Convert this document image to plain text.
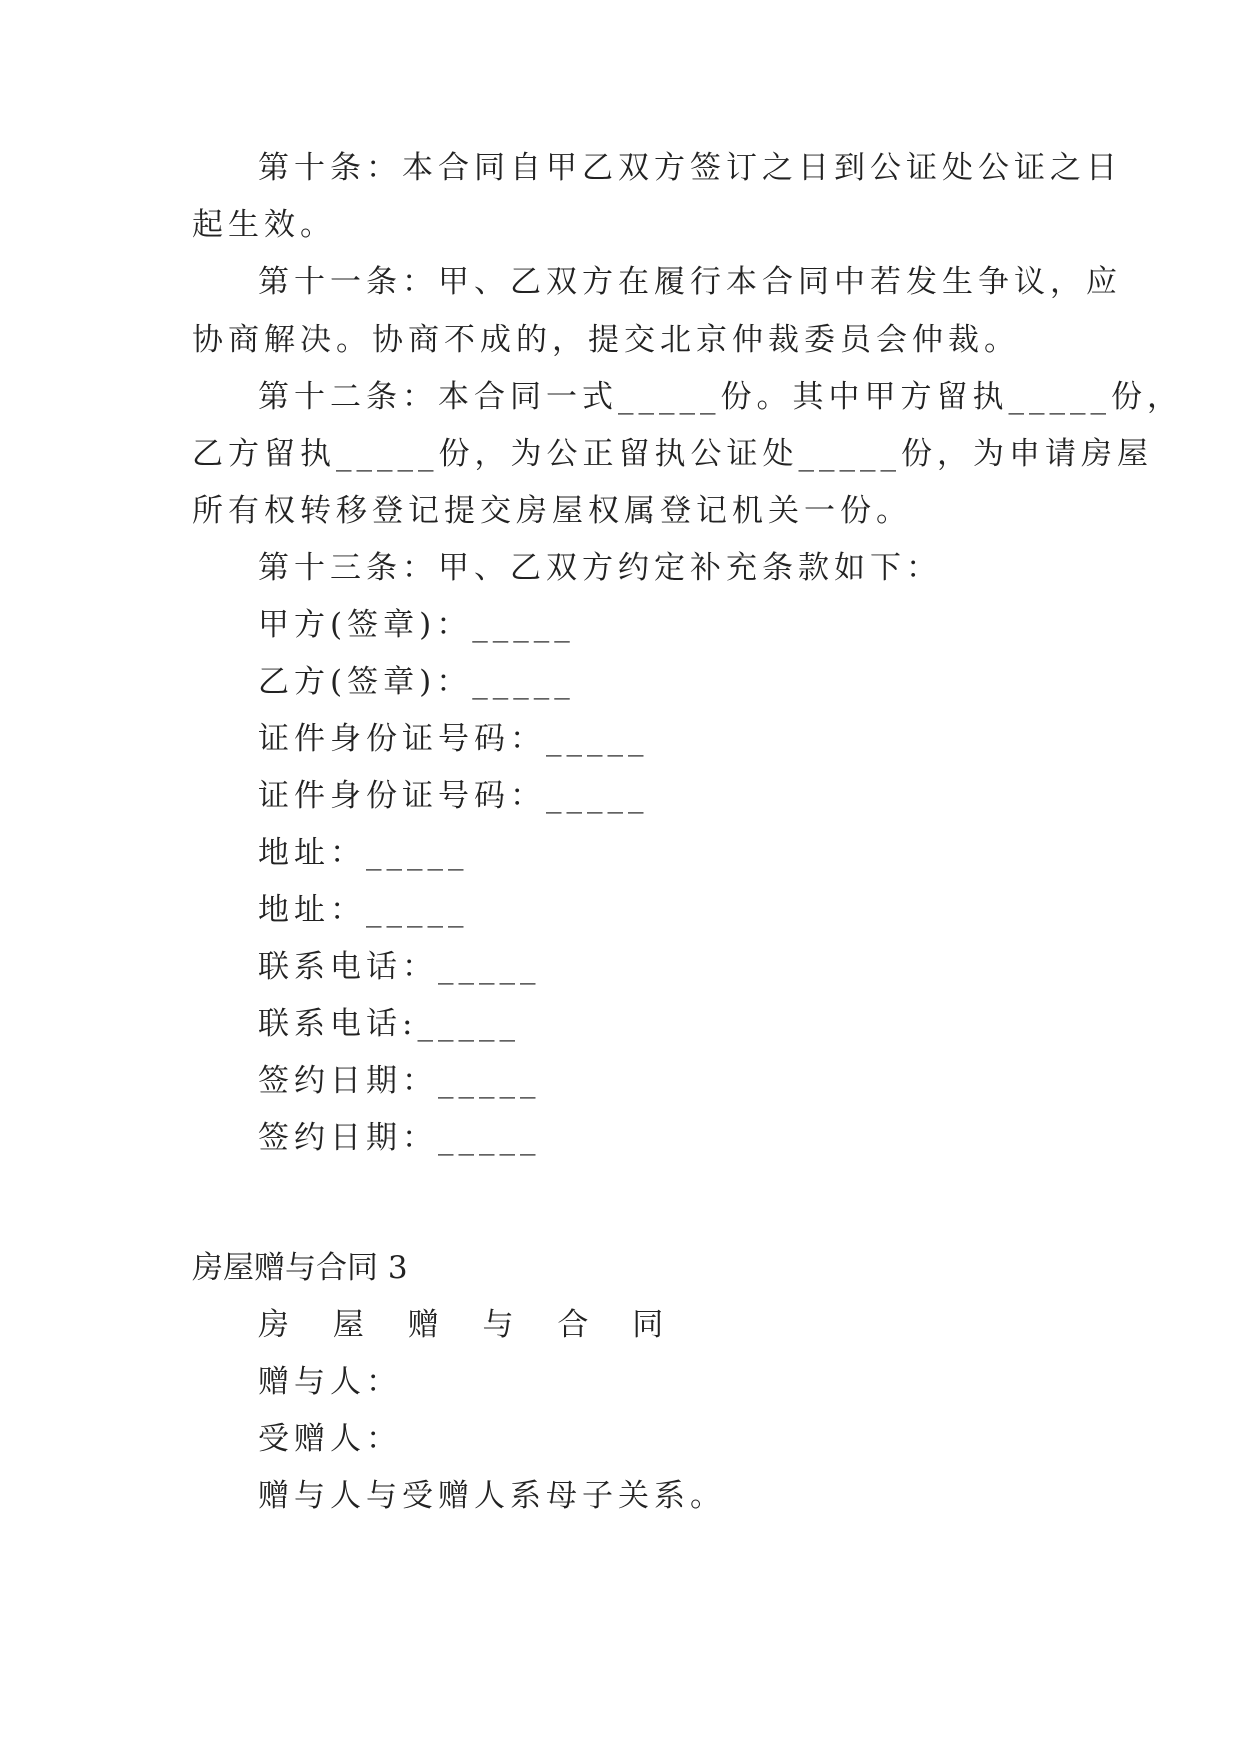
第十条：本合同自甲乙双方签订之日到公证处公证之日
起生效。
第十一条：甲、乙双方在履行本合同中若发生争议，应
协商解决。协商不成的，提交北京仲裁委员会仲裁。
第十二条：本合同一式_____份。其中甲方留执_____份，
乙方留执_____份，为公正留执公证处_____份，为申请房屋
所有权转移登记提交房屋权属登记机关一份。
第十三条：甲、乙双方约定补充条款如下：
甲方(签章)：_____
乙方(签章)：_____
证件身份证号码：_____
证件身份证号码：_____
地址：_____
地址：_____
联系电话：_____
联系电话:_____
签约日期：_____
签约日期：_____
房屋赠与合同 3
房 屋 赠 与 合 同
赠与人：
受赠人：
赠与人与受赠人系母子关系。
